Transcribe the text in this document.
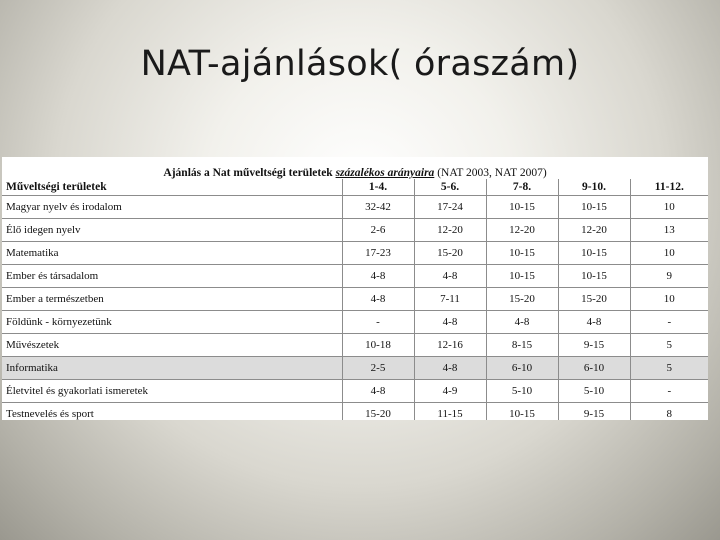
NAT-ajánlások( óraszám)
Ajánlás a Nat műveltségi területek százalékos arányaira (NAT 2003, NAT 2007)					
Műveltségi területek	1-4.	5-6.	7-8.	9-10.	11-12.
Magyar nyelv és irodalom	32-42	17-24	10-15	10-15	10
Élő idegen nyelv	2-6	12-20	12-20	12-20	13
Matematika	17-23	15-20	10-15	10-15	10
Ember és társadalom	4-8	4-8	10-15	10-15	9
Ember a természetben	4-8	7-11	15-20	15-20	10
Földünk - környezetünk	-	4-8	4-8	4-8	-
Művészetek	10-18	12-16	8-15	9-15	5
Informatika	2-5	4-8	6-10	6-10	5
Életvitel és gyakorlati ismeretek	4-8	4-9	5-10	5-10	-
Testnevelés és sport	15-20	11-15	10-15	9-15	8
